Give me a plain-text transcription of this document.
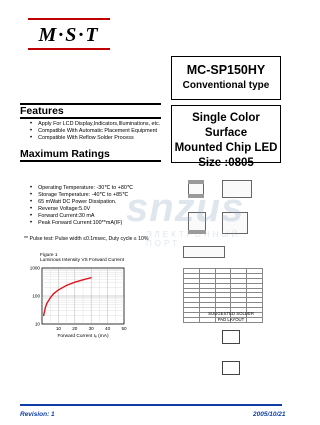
M·S·T
MC-SP150HY
Conventional type
Features
• Apply For LCD Display,Indicators,Illuminations, etc.
• Compatible With Automatic Placement Equipment
• Compatible With Reflow Solder Process
Single Color Surface
Mounted Chip LED
Size :0805
Maximum Ratings
• Operating Temperature: -30℃ to +80℃
• Storage Temperature: -40℃ to +85℃
• 65 mWatt DC Power Dissipation.
• Reverse Voltage:5.0V
• Forward Current:30 mA
• Peak Forward Current:100**mA(IF)
** Pulse test: Pulse width ≤0.1msec, Duty cycle ≤ 10%
Figure 1
Luminous Intensity VS Forward Current
1000
100
10
10 20 30 40 50
Forward Current Iₑ (mA)

SUGGESTED SOLDER
PAD LAYOUT
snzus
ЭЛЕКТРОННЫЙ ПОРТ
Revision: 1	2005/10/21
